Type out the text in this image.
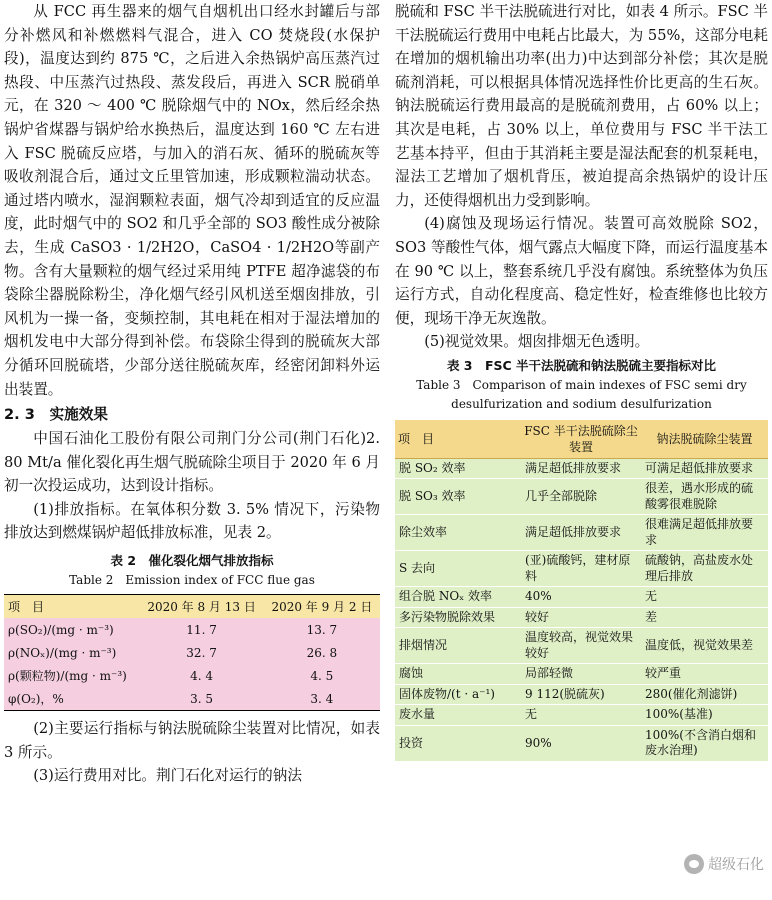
从 FCC 再生器来的烟气自烟机出口经水封罐后与部分补燃风和补燃燃料气混合，进入 CO 焚烧段(水保护段)，温度达到约 875 ℃，之后进入余热锅炉高压蒸汽过热段、中压蒸汽过热段、蒸发段后，再进入 SCR 脱硝单元，在 320 ～ 400 ℃ 脱除烟气中的 NOx，然后经余热锅炉省煤器与锅炉给水换热后，温度达到 160 ℃ 左右进入 FSC 脱硫反应塔，与加入的消石灰、循环的脱硫灰等吸收剂混合后，通过文丘里管加速，形成颗粒湍动状态。通过塔内喷水，湿润颗粒表面，烟气冷却到适宜的反应温度，此时烟气中的 SO2 和几乎全部的 SO3 酸性成分被除去，生成 CaSO3 · 1/2H2O，CaSO4 · 1/2H2O等副产物。含有大量颗粒的烟气经过采用纯 PTFE 超净滤袋的布袋除尘器脱除粉尘，净化烟气经引风机送至烟囱排放，引风机为一操一备，变频控制，其电耗在相对于湿法增加的烟机发电中大部分得到补偿。布袋除尘得到的脱硫灰大部分循环回脱硫塔，少部分送往脱硫灰库，经密闭卸料外运出装置。

2. 3　 实施效果

中国石油化工股份有限公司荆门分公司(荆门石化)2. 80 Mt/a 催化裂化再生烟气脱硫除尘项目于 2020 年 6 月初一次投运成功，达到设计指标。

(1)排放指标。在氧体积分数 3. 5% 情况下，污染物排放达到燃煤锅炉超低排放标准，见表 2。

表 2　催化裂化烟气排放指标
Table 2　Emission index of FCC flue gas
项　目	2020 年 8 月 13 日	2020 年 9 月 2 日
ρ(SO₂)/(mg · m⁻³)	11. 7	13. 7
ρ(NOₓ)/(mg · m⁻³)	32. 7	26. 8
ρ(颗粒物)/(mg · m⁻³)	4. 4	4. 5
φ(O₂)，%	3. 5	3. 4

(2)主要运行指标与钠法脱硫除尘装置对比情况，如表 3 所示。

(3)运行费用对比。荆门石化对运行的钠法

脱硫和 FSC 半干法脱硫进行对比，如表 4 所示。FSC 半干法脱硫运行费用中电耗占比最大，为 55%，这部分电耗在增加的烟机输出功率(出力)中达到部分补偿；其次是脱硫剂消耗，可以根据具体情况选择性价比更高的生石灰。钠法脱硫运行费用最高的是脱硫剂费用，占 60% 以上；其次是电耗，占 30% 以上，单位费用与 FSC 半干法工艺基本持平，但由于其消耗主要是湿法配套的机泵耗电，湿法工艺增加了烟机背压，被迫提高余热锅炉的设计压力，还使得烟机出力受到影响。

(4)腐蚀及现场运行情况。装置可高效脱除 SO2，SO3 等酸性气体，烟气露点大幅度下降，而运行温度基本在 90 ℃ 以上，整套系统几乎没有腐蚀。系统整体为负压运行方式，自动化程度高、稳定性好，检查维修也比较方便，现场干净无灰逸散。

(5)视觉效果。烟囱排烟无色透明。

表 3　FSC 半干法脱硫和钠法脱硫主要指标对比
Table 3　Comparison of main indexes of FSC semi dry
desulfurization and sodium desulfurization
项　目	FSC 半干法脱硫除尘装置	钠法脱硫除尘装置
脱 SO₂ 效率	满足超低排放要求	可满足超低排放要求
脱 SO₃ 效率	几乎全部脱除	很差，遇水形成的硫酸雾很难脱除
除尘效率	满足超低排放要求	很难满足超低排放要求
S 去向	(亚)硫酸钙，建材原料	硫酸钠，高盐废水处理后排放
组合脱 NOₓ 效率	40%	无
多污染物脱除效果	较好	差
排烟情况	温度较高，视觉效果较好	温度低，视觉效果差
腐蚀	局部轻微	较严重
固体废物/(t · a⁻¹)	9 112(脱硫灰)	280(催化剂滤饼)
废水量	无	100%(基准)
投资	90%	100%(不含消白烟和废水治理)
超级石化
